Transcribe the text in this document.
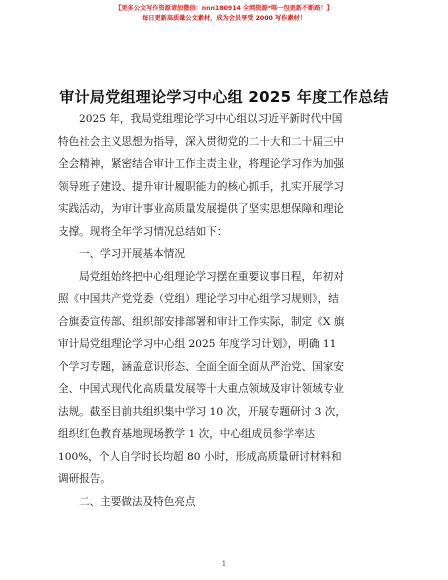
【更多公文写作资源请加微信：nnn180914 全网资源*唯一包更新不断路！】
每日更新高质量公文素材，成为会员享受 2000 写作素材！
审计局党组理论学习中心组 2025 年度工作总结
2025 年，我局党组理论学习中心组以习近平新时代中国
特色社会主义思想为指导，深入贯彻党的二十大和二十届三中
全会精神，紧密结合审计工作主责主业，将理论学习作为加强
领导班子建设、提升审计履职能力的核心抓手，扎实开展学习
实践活动，为审计事业高质量发展提供了坚实思想保障和理论
支撑。现将全年学习情况总结如下：
一、学习开展基本情况
局党组始终把中心组理论学习摆在重要议事日程，年初对
照《中国共产党党委（党组）理论学习中心组学习规则》，结
合旗委宣传部、组织部安排部署和审计工作实际，制定《X 旗
审计局党组理论学习中心组 2025 年度学习计划》，明确 11
个学习专题，涵盖意识形态、全面全面全面从严治党、国家安
全、中国式现代化高质量发展等十大重点领域及审计领域专业
法规。截至目前共组织集中学习 10 次，开展专题研讨 3 次，
组织红色教育基地现场教学 1 次，中心组成员参学率达
100%，个人自学时长均超 80 小时，形成高质量研讨材料和
调研报告。
二、主要做法及特色亮点
1
